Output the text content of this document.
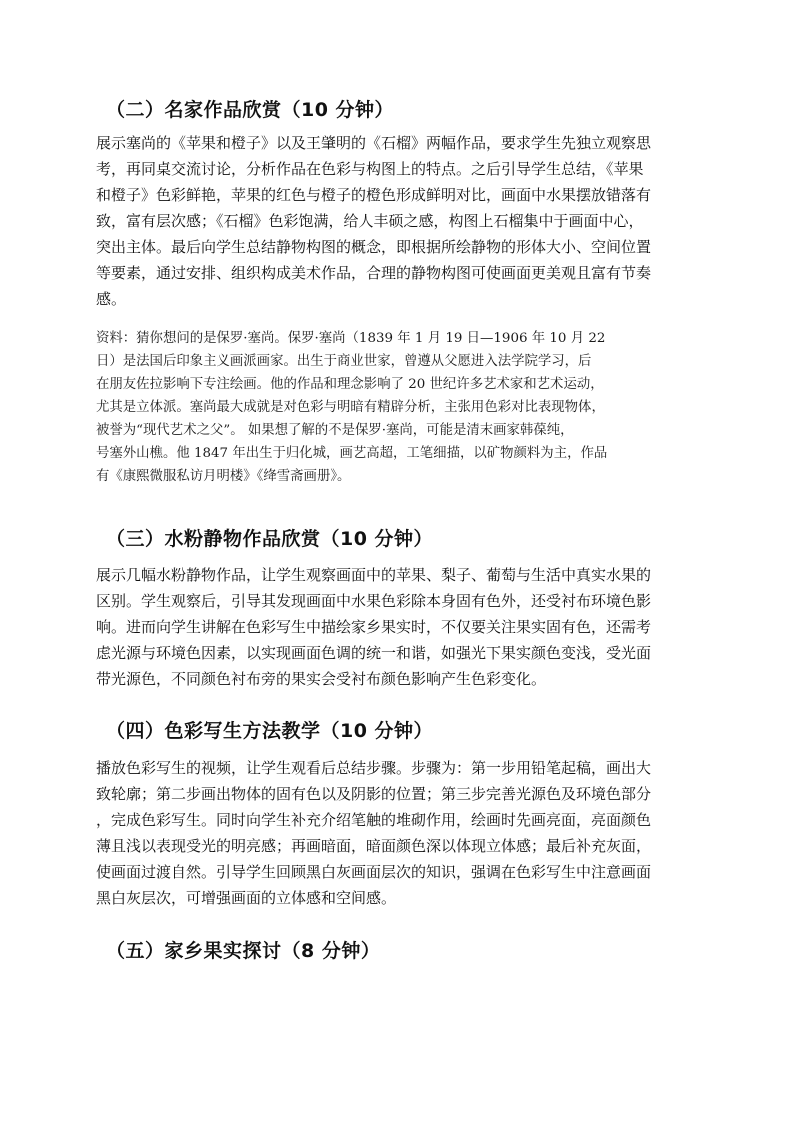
（二）名家作品欣赏（10 分钟）

展示塞尚的《苹果和橙子》以及王肇明的《石榴》两幅作品，要求学生先独立观察思
考，再同桌交流讨论，分析作品在色彩与构图上的特点。之后引导学生总结，《苹果
和橙子》色彩鲜艳，苹果的红色与橙子的橙色形成鲜明对比，画面中水果摆放错落有
致，富有层次感；《石榴》色彩饱满，给人丰硕之感，构图上石榴集中于画面中心，
突出主体。最后向学生总结静物构图的概念，即根据所绘静物的形体大小、空间位置
等要素，通过安排、组织构成美术作品，合理的静物构图可使画面更美观且富有节奏
感。

资料：猜你想问的是保罗·塞尚。保罗·塞尚（1839 年 1 月 19 日—1906 年 10 月 22
日）是法国后印象主义画派画家。出生于商业世家，曾遵从父愿进入法学院学习，后
在朋友佐拉影响下专注绘画。他的作品和理念影响了 20 世纪许多艺术家和艺术运动，
尤其是立体派。塞尚最大成就是对色彩与明暗有精辟分析，主张用色彩对比表现物体，
被誉为“现代艺术之父”。 如果想了解的不是保罗·塞尚，可能是清末画家韩葆纯，
号塞外山樵。他 1847 年出生于归化城，画艺高超，工笔细描，以矿物颜料为主，作品
有《康熙微服私访月明楼》《绛雪斋画册》。

（三）水粉静物作品欣赏（10 分钟）

展示几幅水粉静物作品，让学生观察画面中的苹果、梨子、葡萄与生活中真实水果的
区别。学生观察后，引导其发现画面中水果色彩除本身固有色外，还受衬布环境色影
响。进而向学生讲解在色彩写生中描绘家乡果实时，不仅要关注果实固有色，还需考
虑光源与环境色因素，以实现画面色调的统一和谐，如强光下果实颜色变浅，受光面
带光源色，不同颜色衬布旁的果实会受衬布颜色影响产生色彩变化。

（四）色彩写生方法教学（10 分钟）

播放色彩写生的视频，让学生观看后总结步骤。步骤为：第一步用铅笔起稿，画出大
致轮廓；第二步画出物体的固有色以及阴影的位置；第三步完善光源色及环境色部分
，完成色彩写生。同时向学生补充介绍笔触的堆砌作用，绘画时先画亮面，亮面颜色
薄且浅以表现受光的明亮感；再画暗面，暗面颜色深以体现立体感；最后补充灰面，
使画面过渡自然。引导学生回顾黑白灰画面层次的知识，强调在色彩写生中注意画面
黑白灰层次，可增强画面的立体感和空间感。

（五）家乡果实探讨（8 分钟）
